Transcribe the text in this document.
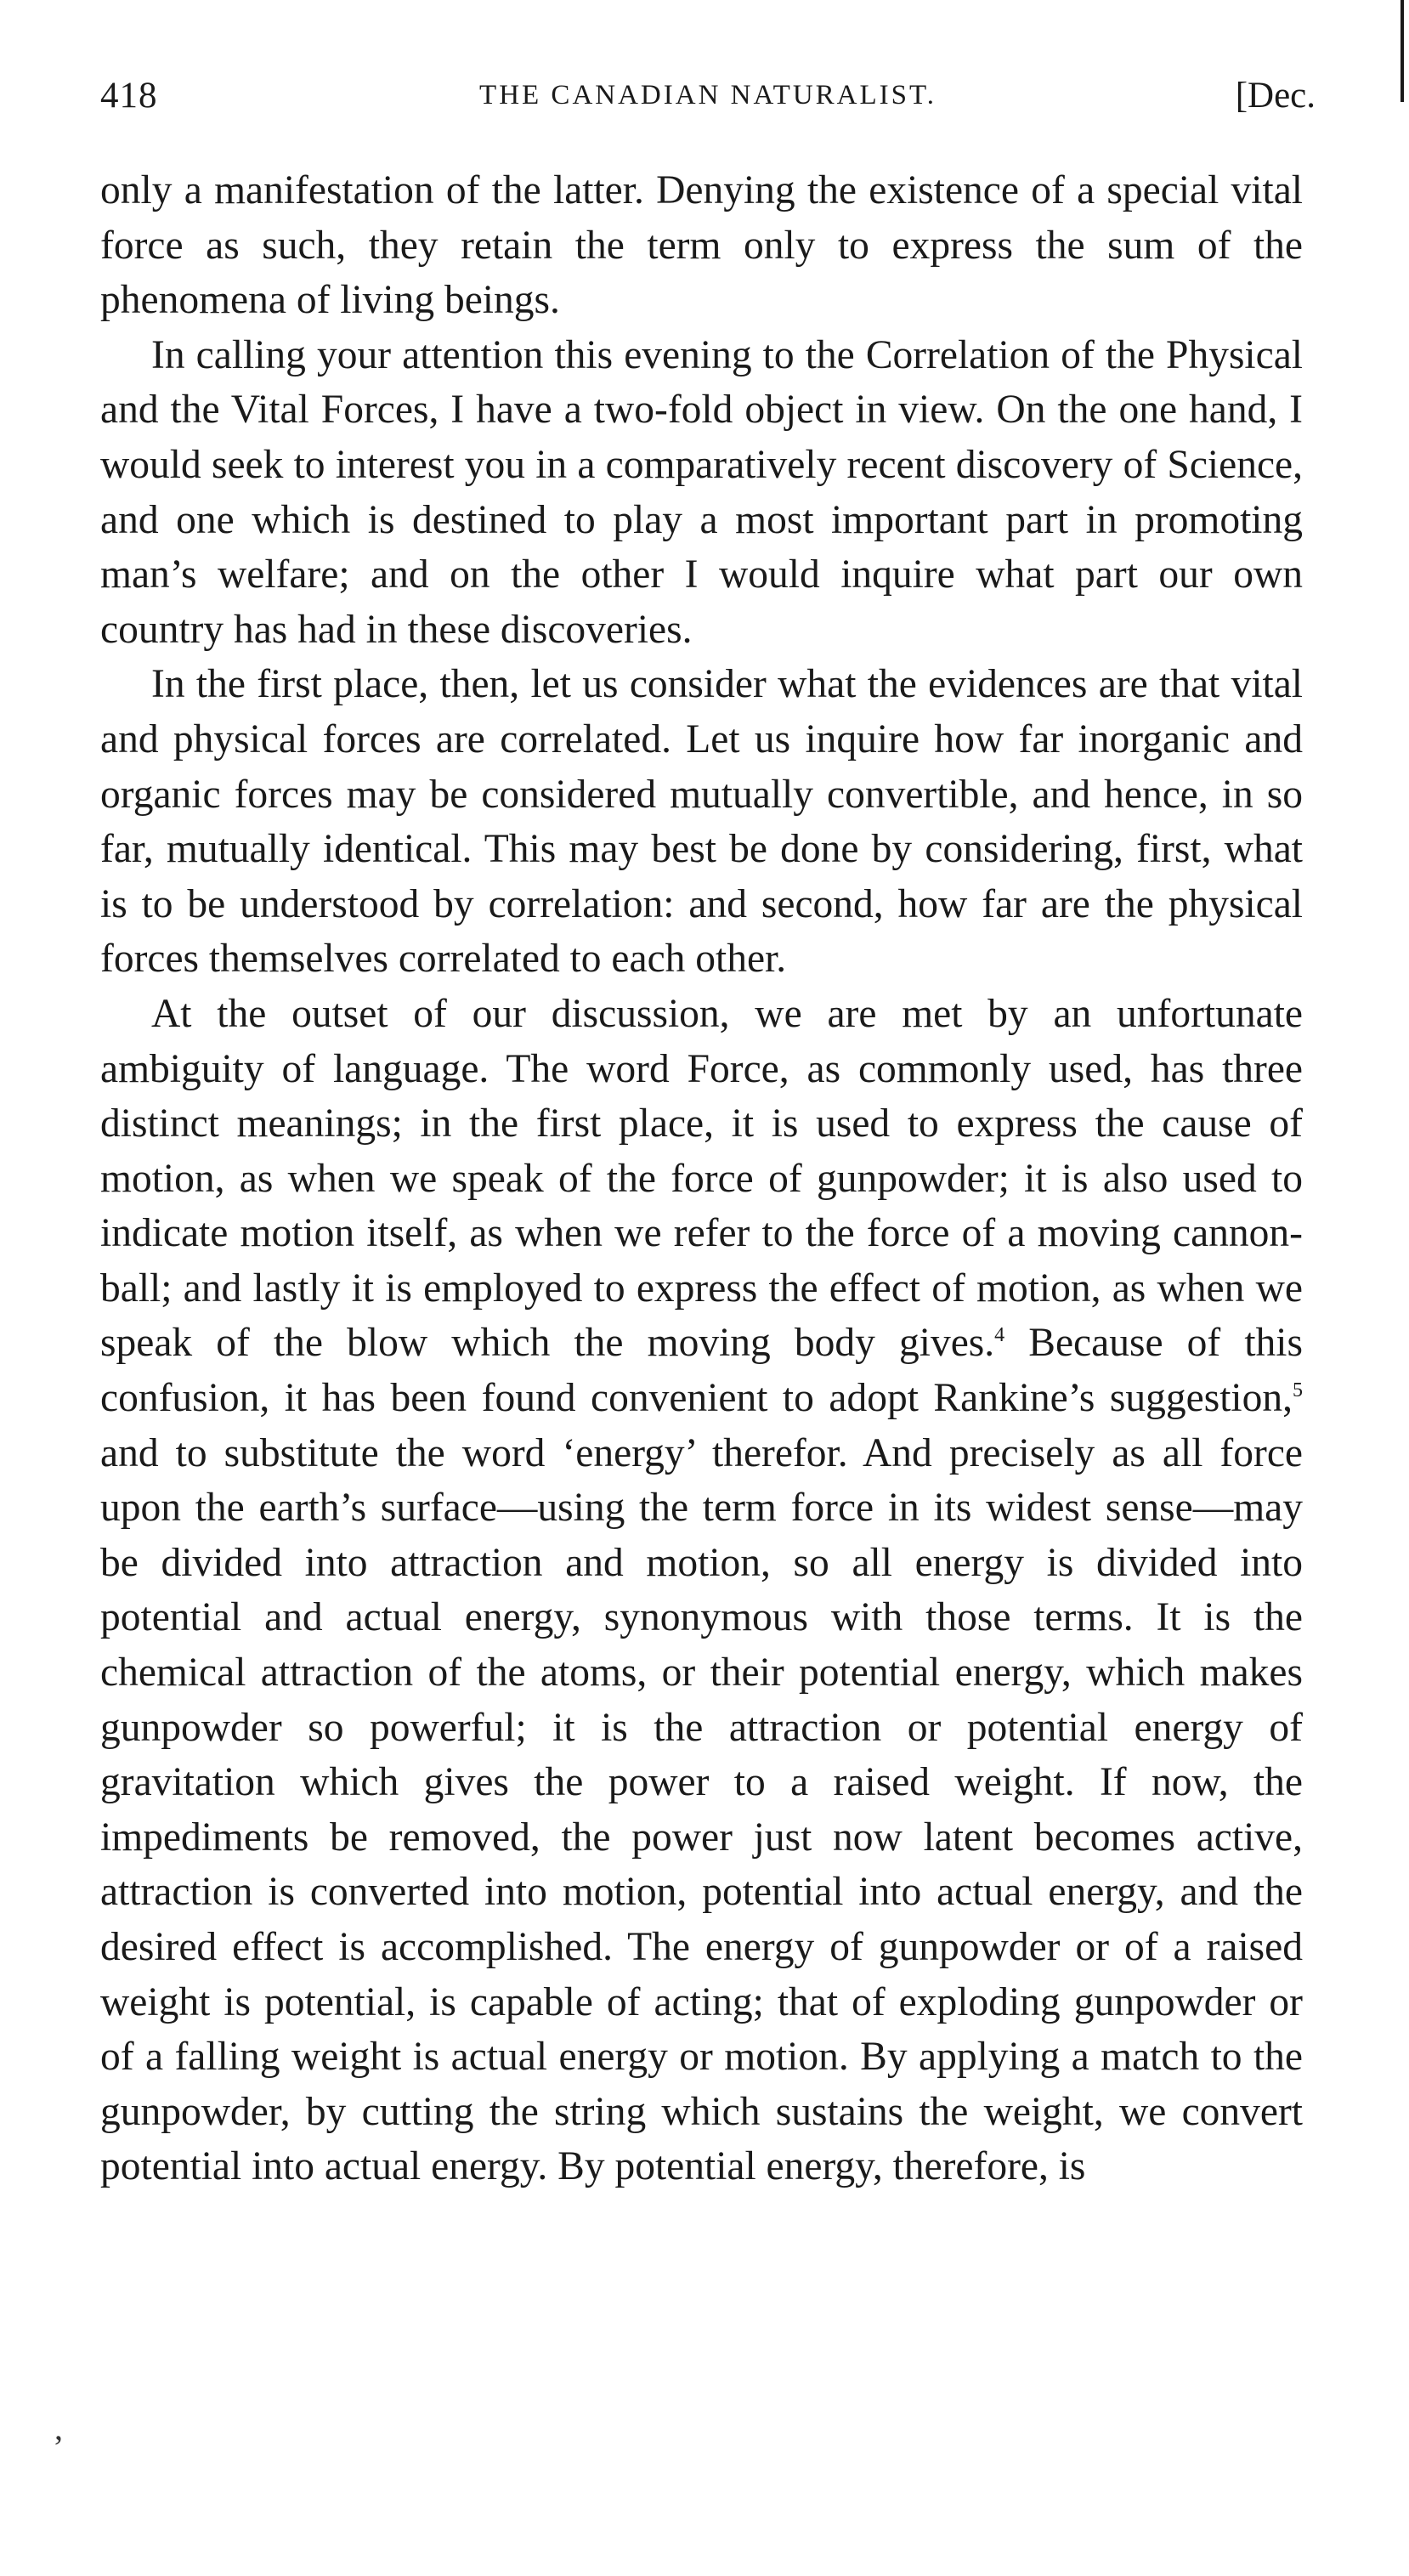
418	THE CANADIAN NATURALIST.	[Dec.

only a manifestation of the latter. Denying the existence of a special vital force as such, they retain the term only to express the sum of the phenomena of living beings.

In calling your attention this evening to the Correlation of the Physical and the Vital Forces, I have a two-fold object in view. On the one hand, I would seek to interest you in a comparatively recent discovery of Science, and one which is destined to play a most important part in promoting man’s welfare; and on the other I would inquire what part our own country has had in these discoveries.

In the first place, then, let us consider what the evidences are that vital and physical forces are correlated. Let us inquire how far inorganic and organic forces may be considered mutually convertible, and hence, in so far, mutually identical. This may best be done by considering, first, what is to be understood by correlation: and second, how far are the physical forces themselves correlated to each other.

At the outset of our discussion, we are met by an unfortunate ambiguity of language. The word Force, as commonly used, has three distinct meanings; in the first place, it is used to express the cause of motion, as when we speak of the force of gunpowder; it is also used to indicate motion itself, as when we refer to the force of a moving cannon-ball; and lastly it is employed to express the effect of motion, as when we speak of the blow which the moving body gives.$^4$ Because of this confusion, it has been found convenient to adopt Rankine’s suggestion,$^5$ and to substitute the word ‘energy’ therefor. And precisely as all force upon the earth’s surface—using the term force in its widest sense—may be divided into attraction and motion, so all energy is divided into potential and actual energy, synonymous with those terms. It is the chemical attraction of the atoms, or their potential energy, which makes gunpowder so powerful; it is the attraction or potential energy of gravitation which gives the power to a raised weight. If now, the impediments be removed, the power just now latent becomes active, attraction is converted into motion, potential into actual energy, and the desired effect is accomplished. The energy of gunpowder or of a raised weight is potential, is capable of acting; that of exploding gunpowder or of a falling weight is actual energy or motion. By applying a match to the gunpowder, by cutting the string which sustains the weight, we convert potential into actual energy. By potential energy, therefore, is

’
